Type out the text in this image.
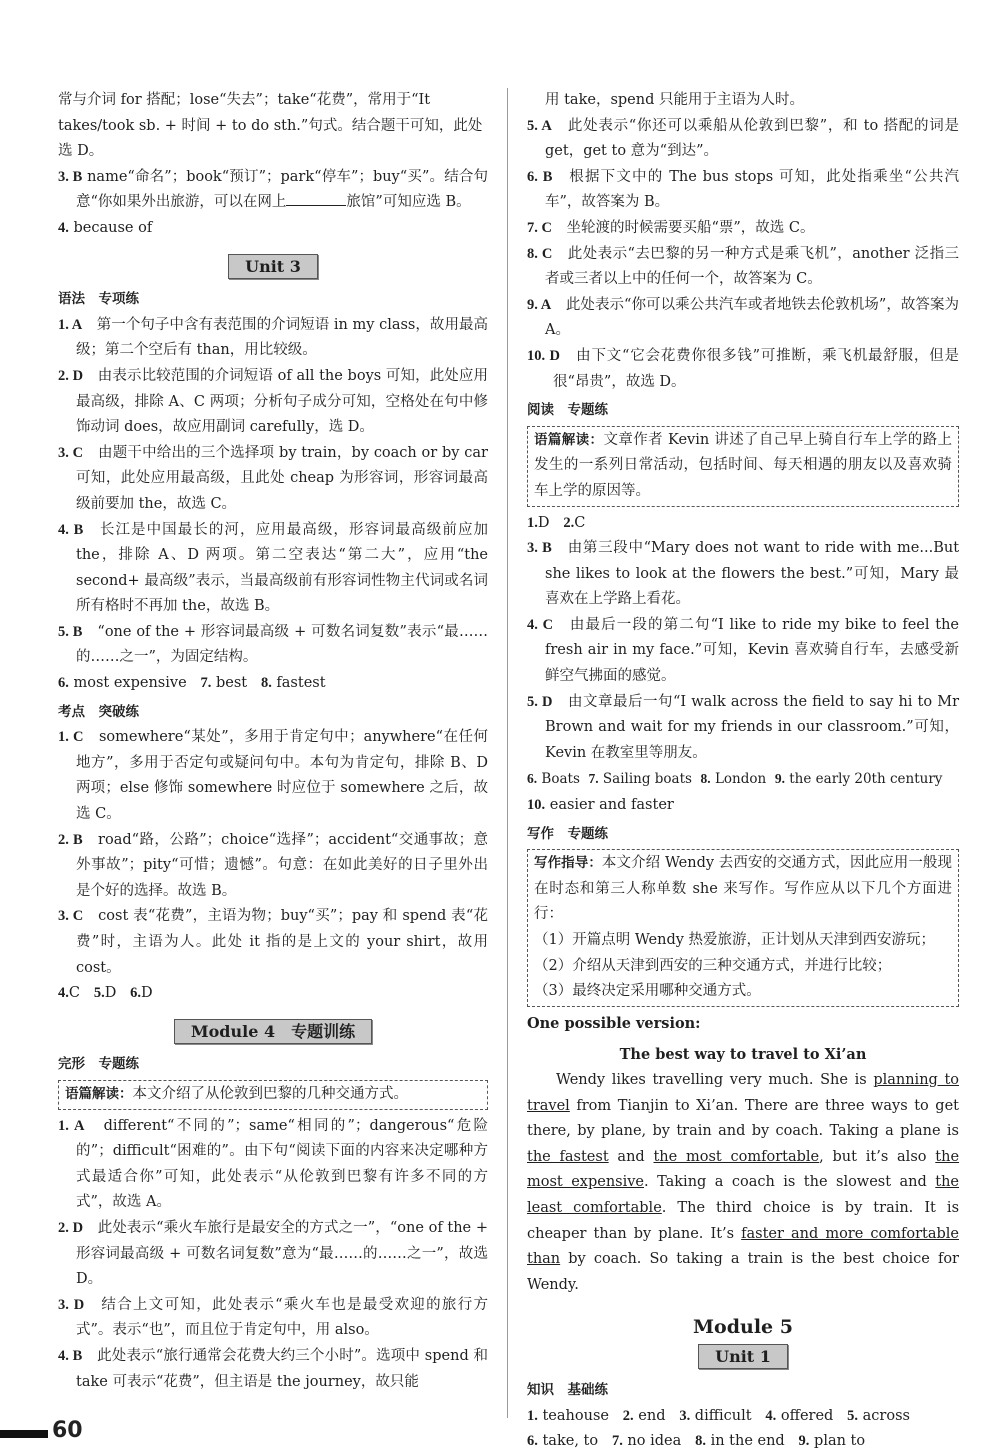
常与介词 for 搭配；lose“失去”；take“花费”，常用于“It takes/took sb. + 时间 + to do sth.”句式。结合题干可知，此处选 D。

3. B name“命名”；book“预订”；park“停车”；buy“买”。结合句意“你如果外出旅游，可以在网上	旅馆”可知应选 B。

4. because of

Unit 3

语法　专项练

1. A　 第一个句子中含有表范围的介词短语 in my class，故用最高级；第二个空后有 than，用比较级。

2. D　 由表示比较范围的介词短语 of all the boys 可知，此处应用最高级，排除 A、C 两项；分析句子成分可知，空格处在句中修饰动词 does，故应用副词 carefully，选 D。

3. C　 由题干中给出的三个选择项 by train，by coach or by car 可知，此处应用最高级，且此处 cheap 为形容词，形容词最高级前要加 the，故选 C。

4. B　 长江是中国最长的河，应用最高级，形容词最高级前应加 the，排除 A、D 两项。第二空表达“第二大”，应用“the second+ 最高级”表示，当最高级前有形容词性物主代词或名词所有格时不再加 the，故选 B。

5. B　 “one of the + 形容词最高级 + 可数名词复数”表示“最……的……之一”，为固定结构。

6. most expensive 7. best 8. fastest

考点　突破练

1. C　 somewhere“某处”，多用于肯定句中；anywhere“在任何地方”，多用于否定句或疑问句中。本句为肯定句，排除 B、D 两项；else 修饰 somewhere 时应位于 somewhere 之后，故选 C。

2. B　 road“路，公路”；choice“选择”；accident“交通事故；意外事故”；pity“可惜；遗憾”。句意：在如此美好的日子里外出是个好的选择。故选 B。

3. C　 cost 表“花费”，主语为物；buy“买”；pay 和 spend 表“花费”时，主语为人。此处 it 指的是上文的 your shirt，故用 cost。

4.C 5.D 6.D

Module 4　专题训练

完形　专题练

语篇解读：本文介绍了从伦敦到巴黎的几种交通方式。

1. A　 different“不同的”；same“相同的”；dangerous“危险的”；difficult“困难的”。由下句“阅读下面的内容来决定哪种方式最适合你”可知，此处表示“从伦敦到巴黎有许多不同的方式”，故选 A。

2. D　 此处表示“乘火车旅行是最安全的方式之一”，“one of the + 形容词最高级 + 可数名词复数”意为“最……的……之一”，故选 D。

3. D　 结合上文可知，此处表示“乘火车也是最受欢迎的旅行方式”。表示“也”，而且位于肯定句中，用 also。

4. B　 此处表示“旅行通常会花费大约三个小时”。选项中 spend 和 take 可表示“花费”，但主语是 the journey，故只能

用 take，spend 只能用于主语为人时。

5. A　 此处表示“你还可以乘船从伦敦到巴黎”，和 to 搭配的词是 get，get to 意为“到达”。

6. B　 根据下文中的 The bus stops 可知，此处指乘坐“公共汽车”，故答案为 B。

7. C　 坐轮渡的时候需要买船“票”，故选 C。

8. C　 此处表示“去巴黎的另一种方式是乘飞机”，another 泛指三者或三者以上中的任何一个，故答案为 C。

9. A　 此处表示“你可以乘公共汽车或者地铁去伦敦机场”，故答案为 A。

10. D　 由下文“它会花费你很多钱”可推断，乘飞机最舒服，但是很“昂贵”，故选 D。

阅读　专题练

语篇解读：文章作者 Kevin 讲述了自己早上骑自行车上学的路上发生的一系列日常活动，包括时间、每天相遇的朋友以及喜欢骑车上学的原因等。

1.D 2.C

3. B　 由第三段中“Mary does not want to ride with me...But she likes to look at the flowers the best.”可知，Mary 最喜欢在上学路上看花。

4. C　 由最后一段的第二句“I like to ride my bike to feel the fresh air in my face.”可知，Kevin 喜欢骑自行车，去感受新鲜空气拂面的感觉。

5. D　 由文章最后一句“I walk across the field to say hi to Mr Brown and wait for my friends in our classroom.”可知，Kevin 在教室里等朋友。

6. Boats 7. Sailing boats 8. London 9. the early 20th century

10. easier and faster

写作　专题练

写作指导：本文介绍 Wendy 去西安的交通方式，因此应用一般现在时态和第三人称单数 she 来写作。写作应从以下几个方面进行：

（1）开篇点明 Wendy 热爱旅游，正计划从天津到西安游玩；

（2）介绍从天津到西安的三种交通方式，并进行比较；

（3）最终决定采用哪种交通方式。

One possible version:

The best way to travel to Xi’an

Wendy likes travelling very much. She is planning to travel from Tianjin to Xi’an. There are three ways to get there, by plane, by train and by coach. Taking a plane is the fastest and the most comfortable, but it’s also the most expensive. Taking a coach is the slowest and the least comfortable. The third choice is by train. It is cheaper than by plane. It’s faster and more comfortable than by coach. So taking a train is the best choice for Wendy.

Module 5

Unit 1

知识　基础练

1. teahouse 2. end 3. difficult 4. offered 5. across

6. take, to 7. no idea 8. in the end 9. plan to

60
